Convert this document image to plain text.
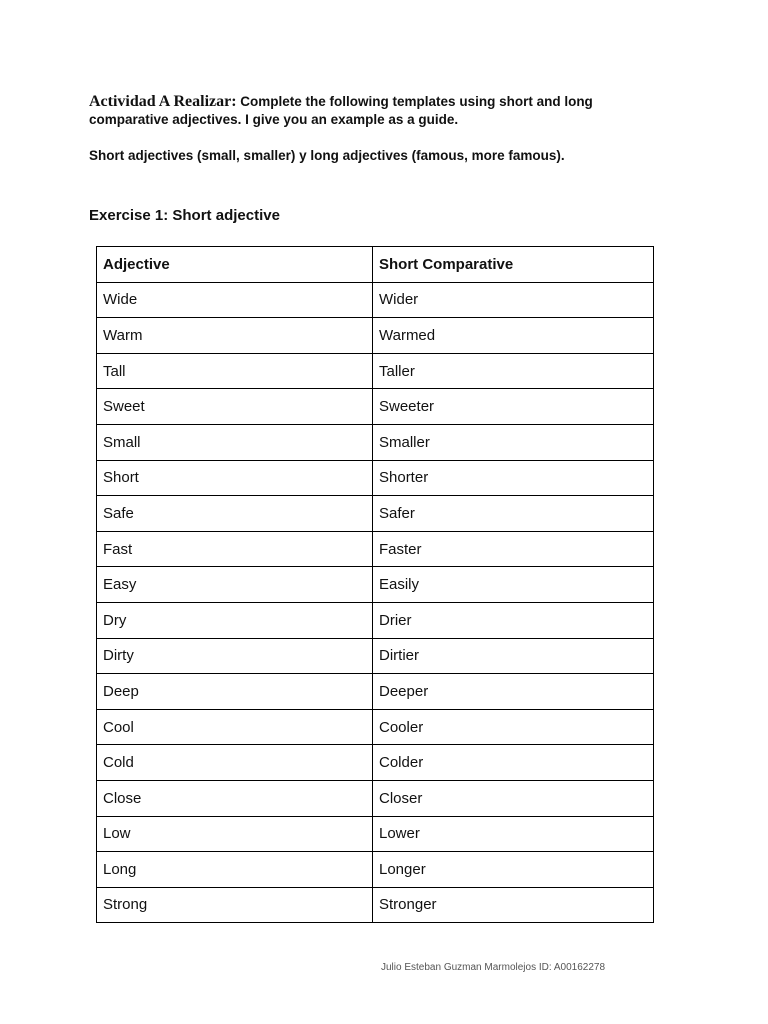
Actividad A Realizar: Complete the following templates using short and long comparative adjectives. I give you an example as a guide.
Short adjectives (small, smaller) y long adjectives (famous, more famous).
Exercise 1: Short adjective
Adjective	Short Comparative
Wide	Wider
Warm	Warmed
Tall	Taller
Sweet	Sweeter
Small	Smaller
Short	Shorter
Safe	Safer
Fast	Faster
Easy	Easily
Dry	Drier
Dirty	Dirtier
Deep	Deeper
Cool	Cooler
Cold	Colder
Close	Closer
Low	Lower
Long	Longer
Strong	Stronger
Julio Esteban Guzman Marmolejos ID: A00162278
